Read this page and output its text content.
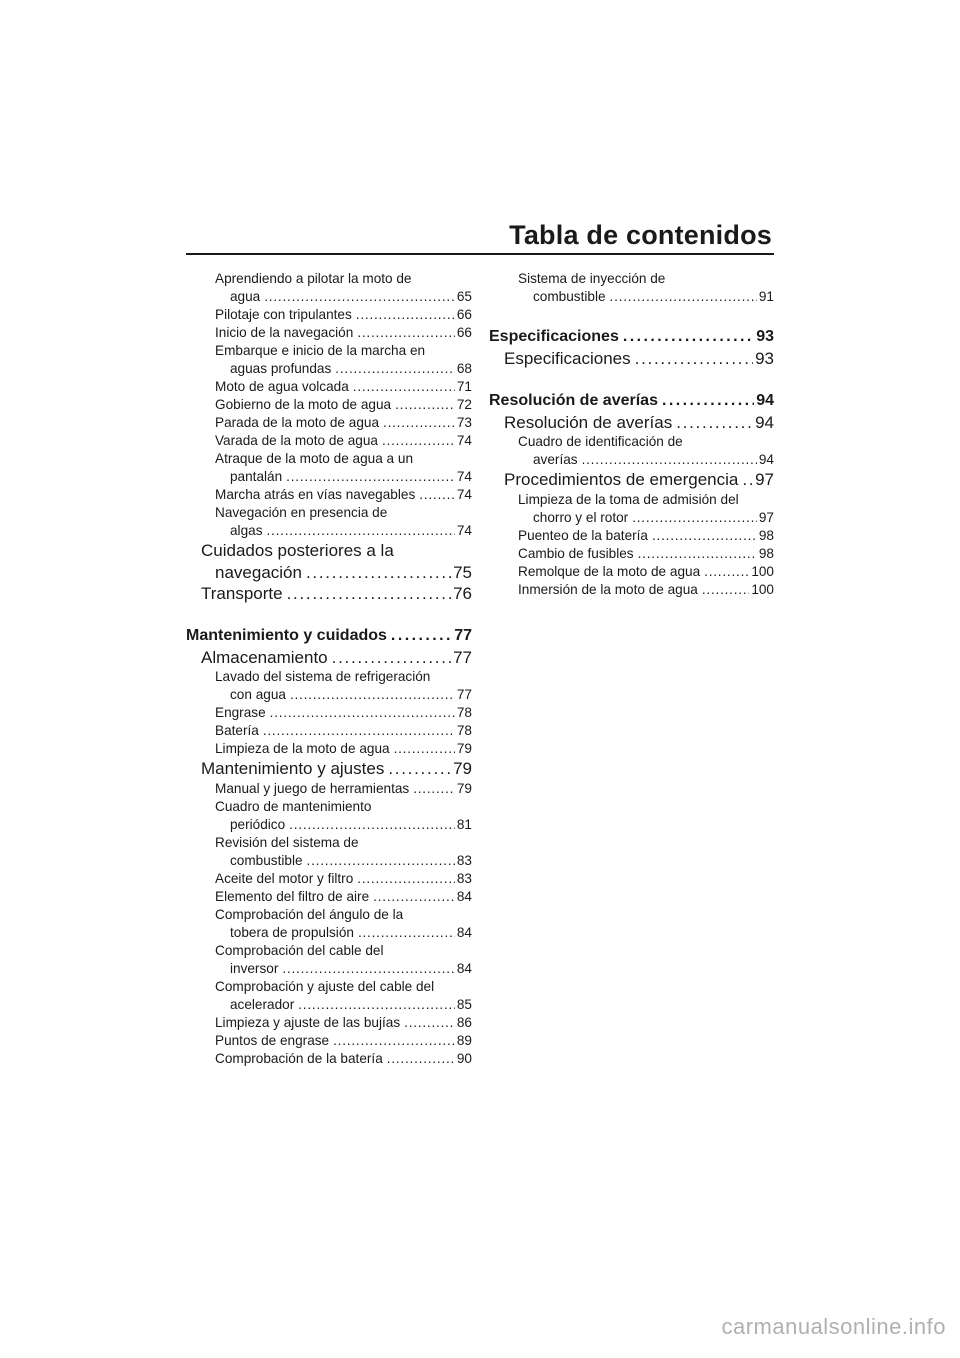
Tabla de contenidos
Aprendiendo a pilotar la moto de
agua . . .	65
Pilotaje con tripulantes . . .	66
Inicio de la navegación . . .	66
Embarque e inicio de la marcha en
aguas profundas . . .	68
Moto de agua volcada . . .	71
Gobierno de la moto de agua . . .	72
Parada de la moto de agua . . .	73
Varada de la moto de agua . . .	74
Atraque de la moto de agua a un
pantalán . . .	74
Marcha atrás en vías navegables . . .	74
Navegación en presencia de
algas . . .	74
Cuidados posteriores a la
navegación . . .	75
Transporte . . .	76
Mantenimiento y cuidados . . .	77
Almacenamiento . . .	77
Lavado del sistema de refrigeración
con agua . . .	77
Engrase . . .	78
Batería . . .	78
Limpieza de la moto de agua . . .	79
Mantenimiento y ajustes . . .	79
Manual y juego de herramientas . . .	79
Cuadro de mantenimiento
periódico . . .	81
Revisión del sistema de
combustible . . .	83
Aceite del motor y filtro . . .	83
Elemento del filtro de aire . . .	84
Comprobación del ángulo de la
tobera de propulsión . . .	84
Comprobación del cable del
inversor . . .	84
Comprobación y ajuste del cable del
acelerador . . .	85
Limpieza y ajuste de las bujías . . .	86
Puntos de engrase . . .	89
Comprobación de la batería . . .	90
Sistema de inyección de
combustible . . .	91
Especificaciones . . .	93
Especificaciones . . .	93
Resolución de averías . . .	94
Resolución de averías . . .	94
Cuadro de identificación de
averías . . .	94
Procedimientos de emergencia . . . 97
Limpieza de la toma de admisión del
chorro y el rotor . . .	97
Puenteo de la batería . . .	98
Cambio de fusibles . . .	98
Remolque de la moto de agua . . .	100
Inmersión de la moto de agua . . .	100
carmanualsonline.info
